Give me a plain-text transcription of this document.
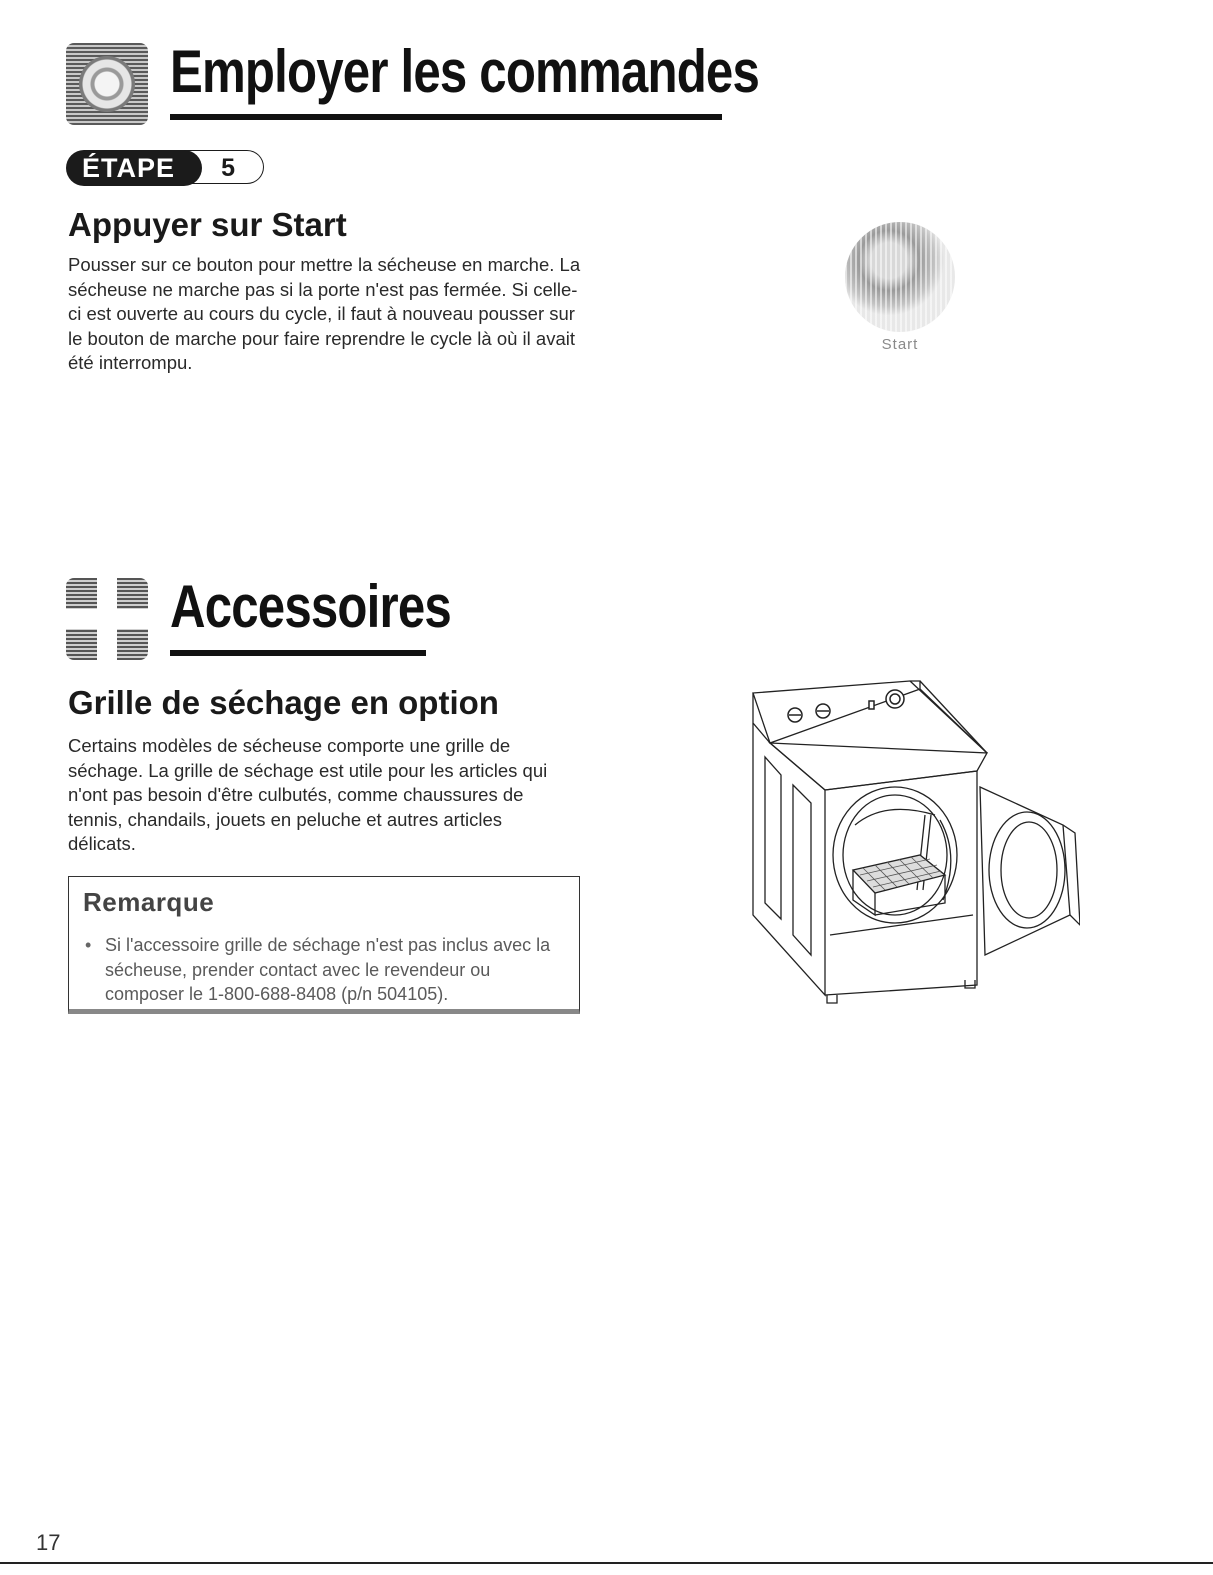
Employer les commandes
5
ÉTAPE
Appuyer sur Start

Pousser sur ce bouton pour mettre la sécheuse en marche. La sécheuse ne marche pas si la porte n'est pas fermée. Si celle-ci est ouverte au cours du cycle, il faut à nouveau pousser sur le bouton de marche pour faire reprendre le cycle là où il avait été interrompu.

Start
Accessoires
Grille de séchage en option

Certains modèles de sécheuse comporte une grille de séchage. La grille de séchage est utile pour les articles qui n'ont pas besoin d'être culbutés, comme chaussures de tennis, chandails, jouets en peluche et autres articles délicats.

Remarque
• Si l'accessoire grille de séchage n'est pas inclus avec la sécheuse, prender contact avec le revendeur ou composer le 1-800-688-8408 (p/n 504105).

17
